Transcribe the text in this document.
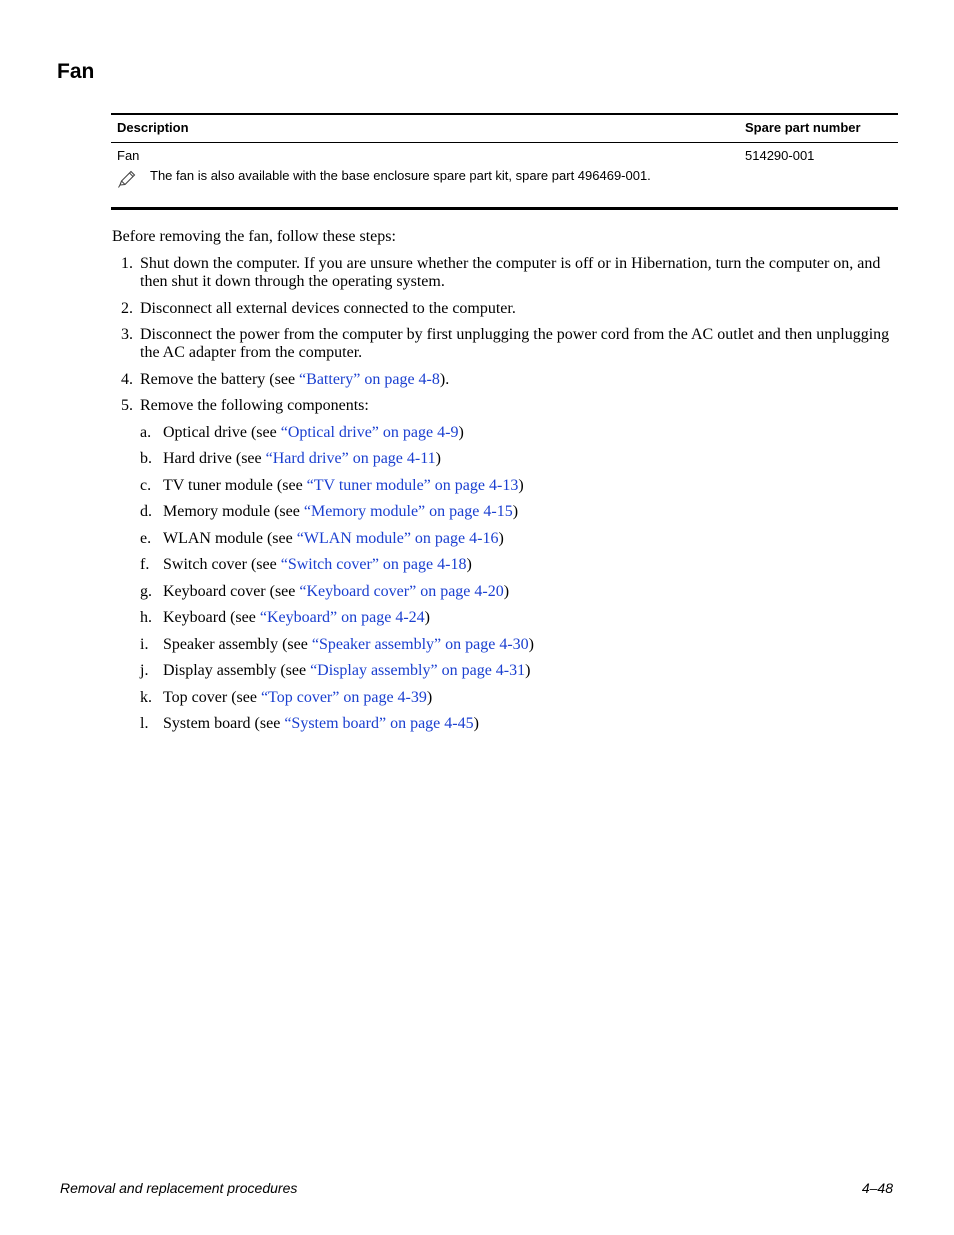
Fan
Description	Spare part number
Fan	514290-001
The fan is also available with the base enclosure spare part kit, spare part 496469-001.

Before removing the fan, follow these steps:

1. Shut down the computer. If you are unsure whether the computer is off or in Hibernation, turn the computer on, and then shut it down through the operating system.
2. Disconnect all external devices connected to the computer.
3. Disconnect the power from the computer by first unplugging the power cord from the AC outlet and then unplugging the AC adapter from the computer.
4. Remove the battery (see “Battery” on page 4-8).
5. Remove the following components:
a. Optical drive (see “Optical drive” on page 4-9)
b. Hard drive (see “Hard drive” on page 4-11)
c. TV tuner module (see “TV tuner module” on page 4-13)
d. Memory module (see “Memory module” on page 4-15)
e. WLAN module (see “WLAN module” on page 4-16)
f. Switch cover (see “Switch cover” on page 4-18)
g. Keyboard cover (see “Keyboard cover” on page 4-20)
h. Keyboard (see “Keyboard” on page 4-24)
i. Speaker assembly (see “Speaker assembly” on page 4-30)
j. Display assembly (see “Display assembly” on page 4-31)
k. Top cover (see “Top cover” on page 4-39)
l. System board (see “System board” on page 4-45)
Removal and replacement procedures	4–48
